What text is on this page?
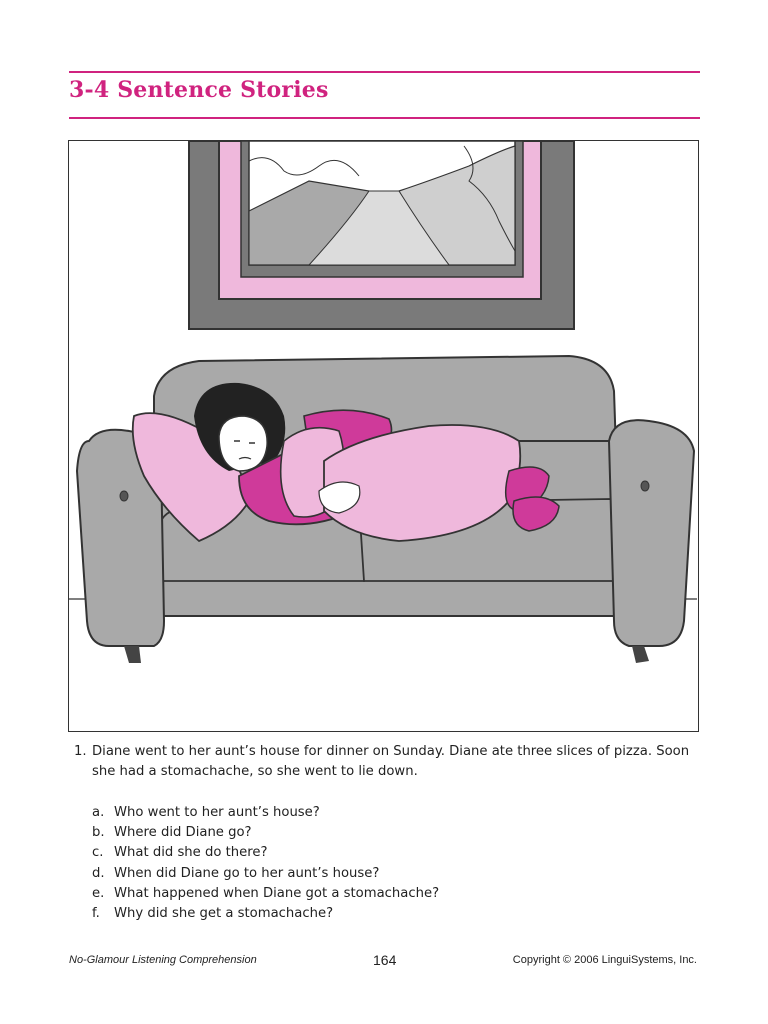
3-4 Sentence Stories
1. Diane went to her aunt’s house for dinner on Sunday. Diane ate three slices of pizza. Soon she had a stomachache, so she went to lie down.
a. Who went to her aunt’s house?
b. Where did Diane go?
c. What did she do there?
d. When did Diane go to her aunt’s house?
e. What happened when Diane got a stomachache?
f.	Why did she get a stomachache?
No-Glamour Listening Comprehension	164	Copyright © 2006 LinguiSystems, Inc.
